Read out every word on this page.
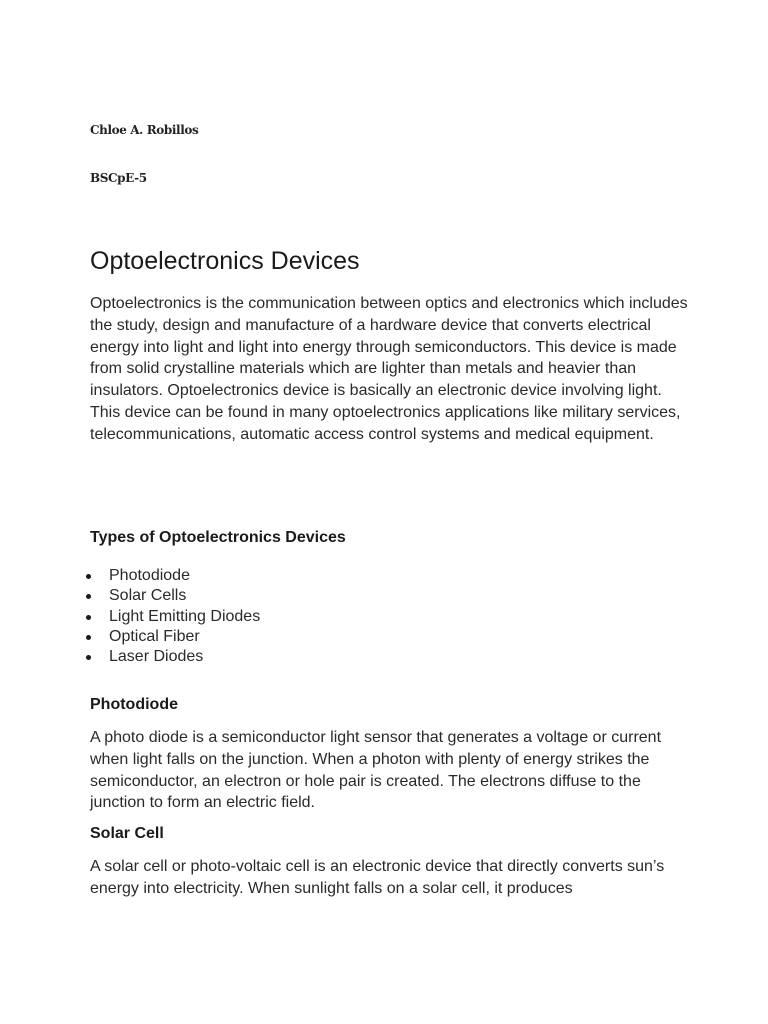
Chloe A. Robillos
BSCpE-5
Optoelectronics Devices

Optoelectronics is the communication between optics and electronics which includes the study, design and manufacture of a hardware device that converts electrical energy into light and light into energy through semiconductors. This device is made from solid crystalline materials which are lighter than metals and heavier than insulators. Optoelectronics device is basically an electronic device involving light. This device can be found in many optoelectronics applications like military services, telecommunications, automatic access control systems and medical equipment.

Types of Optoelectronics Devices
Photodiode
Solar Cells
Light Emitting Diodes
Optical Fiber
Laser Diodes
Photodiode

A photo diode is a semiconductor light sensor that generates a voltage or current when light falls on the junction. When a photon with plenty of energy strikes the semiconductor, an electron or hole pair is created. The electrons diffuse to the junction to form an electric field.

Solar Cell

A solar cell or photo-voltaic cell is an electronic device that directly converts sun’s energy into electricity. When sunlight falls on a solar cell, it produces
